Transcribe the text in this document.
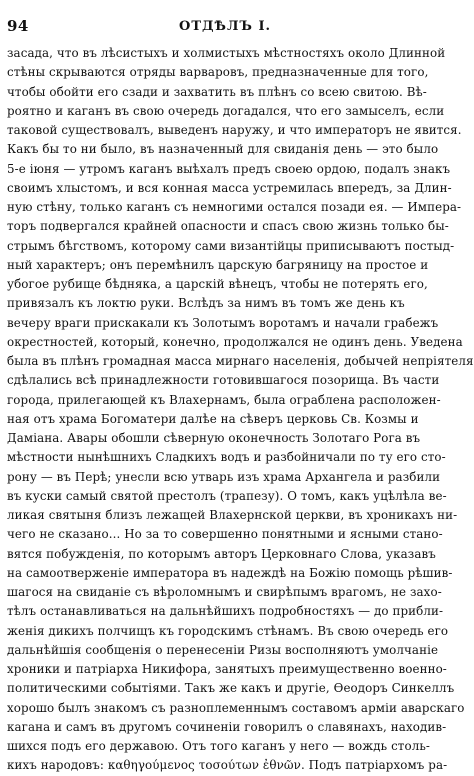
94	ОТДѢЛЪ I.
засада, что въ лѣсистыхъ и холмистыхъ мѣстностяхъ около Длинной
стѣны скрываются отряды варваровъ, предназначенные для того,
чтобы обойти его сзади и захватить въ плѣнъ со всею свитою. Вѣ-
роятно и каганъ въ свою очередь догадался, что его замыселъ, если
таковой существовалъ, выведенъ наружу, и что императоръ не явится.
Какъ бы то ни было, въ назначенный для свиданія день — это было
5-е іюня — утромъ каганъ выѣхалъ предъ своею ордою, подалъ знакъ
своимъ хлыстомъ, и вся конная масса устремилась впередъ, за Длин-
ную стѣну, только каганъ съ немногими остался позади ея. — Импера-
торъ подвергался крайней опасности и спасъ свою жизнь только бы-
стрымъ бѣгствомъ, которому сами византійцы приписываютъ постыд-
ный характеръ; онъ перемѣнилъ царскую багряницу на простое и
убогое рубище бѣдняка, а царскій вѣнецъ, чтобы не потерять его,
привязалъ къ локтю руки. Вслѣдъ за нимъ въ томъ же день къ
вечеру враги прискакали къ Золотымъ воротамъ и начали грабежъ
окрестностей, который, конечно, продолжался не одинъ день. Уведена
была въ плѣнъ громадная масса мирнаго населенія, добычей непріятеля
сдѣлались всѣ принадлежности готовившагося позорища. Въ части
города, прилегающей къ Влахернамъ, была ограблена расположен-
ная отъ храма Богоматери далѣе на сѣверъ церковь Св. Козмы и
Даміана. Авары обошли сѣверную оконечность Золотаго Рога въ
мѣстности нынѣшнихъ Сладкихъ водъ и разбойничали по ту его сто-
рону — въ Перѣ; унесли всю утварь изъ храма Архангела и разбили
въ куски самый святой престолъ (трапезу). О томъ, какъ уцѣлѣла ве-
ликая святыня близъ лежащей Влахернской церкви, въ хроникахъ ни-
чего не сказано... Но за то совершенно понятными и ясными стано-
вятся побужденія, по которымъ авторъ Церковнаго Слова, указавъ
на самоотверженіе императора въ надеждѣ на Божію помощь рѣшив-
шагося на свиданіе съ вѣроломнымъ и свирѣпымъ врагомъ, не захо-
тѣлъ останавливаться на дальнѣйшихъ подробностяхъ — до прибли-
женія дикихъ полчищъ къ городскимъ стѣнамъ. Въ свою очередь его
дальнѣйшія сообщенія о перенесеніи Ризы восполняютъ умолчаніе
хроники и патріарха Никифора, занятыхъ преимущественно военно-
политическими событіями. Такъ же какъ и другіе, Ѳеодоръ Синкеллъ
хорошо былъ знакомъ съ разноплеменнымъ составомъ арміи аварскаго
кагана и самъ въ другомъ сочиненіи говорилъ о славянахъ, находив-
шихся подъ его державою. Отъ того каганъ у него — вождь столь-
кихъ народовъ: καθηγούμενος τοσούτων ἐθνῶν. Подъ патріархомъ ра-
